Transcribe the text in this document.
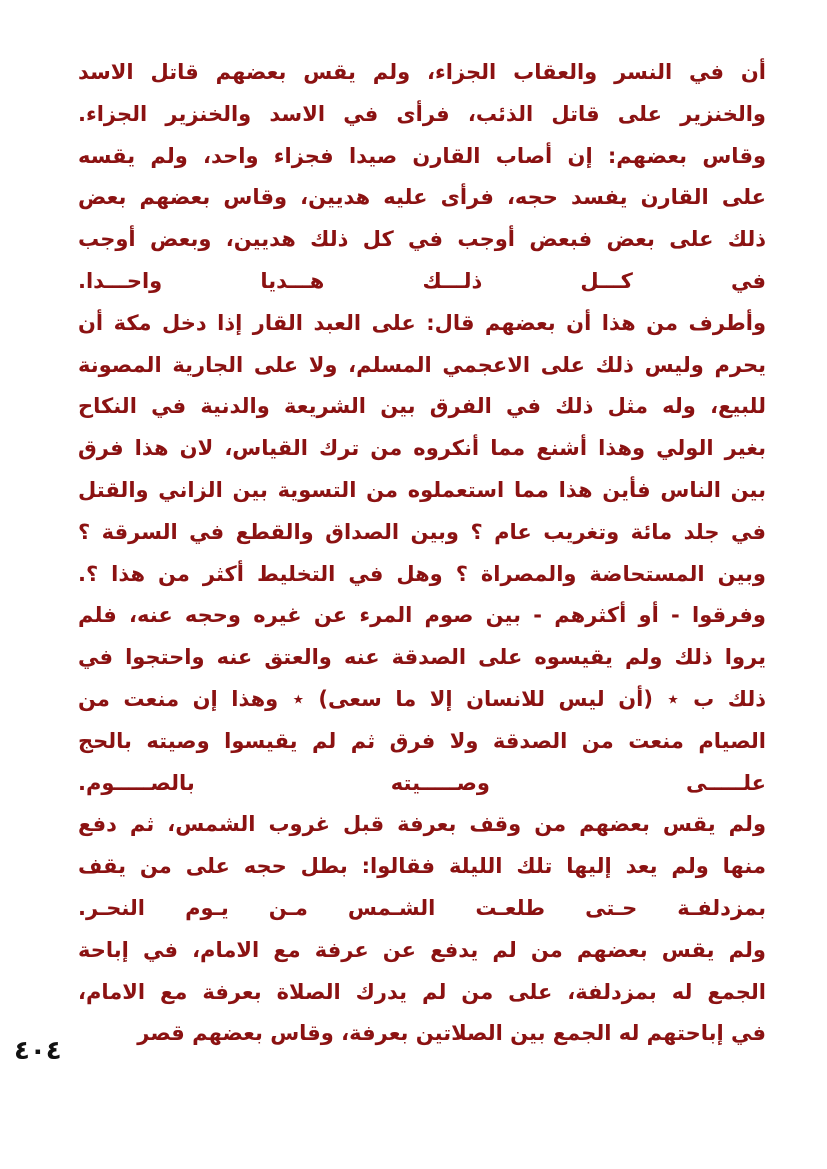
أن في النسر والعقاب الجزاء، ولم يقس بعضهم قاتل الاسد
والخنزير على قاتل الذئب، فرأى في الاسد والخنزير الجزاء.
وقاس بعضهم: إن أصاب القارن صيدا فجزاء واحد، ولم يقسه
على القارن يفسد حجه، فرأى عليه هديين، وقاس بعضهم بعض
ذلك على بعض فبعض أوجب في كل ذلك هديين، وبعض أوجب
في كـــل ذلـــك هـــديا واحـــدا.
وأطرف من هذا أن بعضهم قال: على العبد القار إذا دخل مكة أن
يحرم وليس ذلك على الاعجمي المسلم، ولا على الجارية المصونة
للبيع، وله مثل ذلك في الفرق بين الشريعة والدنية في النكاح
بغير الولي وهذا أشنع مما أنكروه من ترك القياس، لان هذا فرق
بين الناس فأين هذا مما استعملوه من التسوية بين الزاني والقتل
في جلد مائة وتغريب عام ؟ وبين الصداق والقطع في السرقة ؟
وبين المستحاضة والمصراة ؟ وهل في التخليط أكثر من هذا ؟.
وفرقوا - أو أكثرهم - بين صوم المرء عن غيره وحجه عنه، فلم
يروا ذلك ولم يقيسوه على الصدقة عنه والعتق عنه واحتجوا في
ذلك ب ⋆ (أن ليس للانسان إلا ما سعى) ⋆ وهذا إن منعت من
الصيام منعت من الصدقة ولا فرق ثم لم يقيسوا وصيته بالحج
علـــــى وصـــــيته بالصـــــوم.
ولم يقس بعضهم من وقف بعرفة قبل غروب الشمس، ثم دفع
منها ولم يعد إليها تلك الليلة فقالوا: بطل حجه على من يقف
بمزدلفـة حـتى طلعـت الشـمس مـن يـوم النحـر.
ولم يقس بعضهم من لم يدفع عن عرفة مع الامام، في إباحة
الجمع له بمزدلفة، على من لم يدرك الصلاة بعرفة مع الامام،
في إباحتهم له الجمع بين الصلاتين بعرفة، وقاس بعضهم قصر
٤٠٤
